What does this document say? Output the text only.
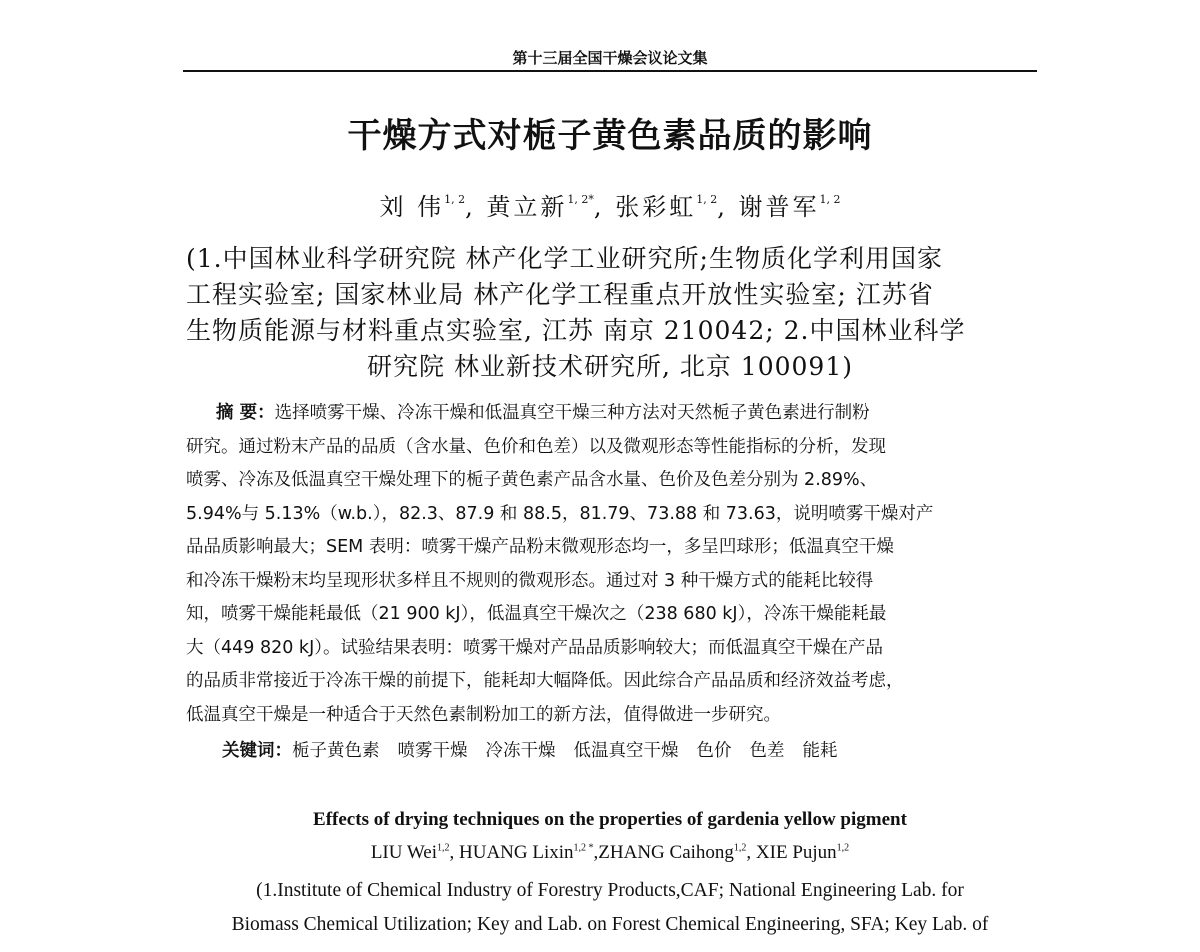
第十三届全国干燥会议论文集
干燥方式对栀子黄色素品质的影响
刘 伟$^{1, 2}$, 黄立新$^{1, 2*}$, 张彩虹$^{1, 2}$, 谢普军$^{1, 2}$
(1.中国林业科学研究院 林产化学工业研究所;生物质化学利用国家
工程实验室; 国家林业局 林产化学工程重点开放性实验室; 江苏省
生物质能源与材料重点实验室, 江苏 南京 210042; 2.中国林业科学
研究院 林业新技术研究所, 北京 100091)
摘 要：选择喷雾干燥、冷冻干燥和低温真空干燥三种方法对天然栀子黄色素进行制粉
研究。通过粉末产品的品质（含水量、色价和色差）以及微观形态等性能指标的分析，发现
喷雾、冷冻及低温真空干燥处理下的栀子黄色素产品含水量、色价及色差分别为 2.89%、
5.94%与 5.13%（w.b.），82.3、87.9 和 88.5，81.79、73.88 和 73.63，说明喷雾干燥对产
品品质影响最大；SEM 表明：喷雾干燥产品粉末微观形态均一，多呈凹球形；低温真空干燥
和冷冻干燥粉末均呈现形状多样且不规则的微观形态。通过对 3 种干燥方式的能耗比较得
知，喷雾干燥能耗最低（21 900 kJ），低温真空干燥次之（238 680 kJ），冷冻干燥能耗最
大（449 820 kJ）。试验结果表明：喷雾干燥对产品品质影响较大；而低温真空干燥在产品
的品质非常接近于冷冻干燥的前提下，能耗却大幅降低。因此综合产品品质和经济效益考虑，
低温真空干燥是一种适合于天然色素制粉加工的新方法，值得做进一步研究。
关键词：栀子黄色素 喷雾干燥 冷冻干燥 低温真空干燥 色价 色差 能耗
Effects of drying techniques on the properties of gardenia yellow pigment
LIU Wei$^{1,2}$, HUANG Lixin$^{1,2 *}$,ZHANG Caihong$^{1,2}$, XIE Pujun$^{1,2}$
(1.Institute of Chemical Industry of Forestry Products,CAF; National Engineering Lab. for
Biomass Chemical Utilization; Key and Lab. on Forest Chemical Engineering, SFA; Key Lab. of
